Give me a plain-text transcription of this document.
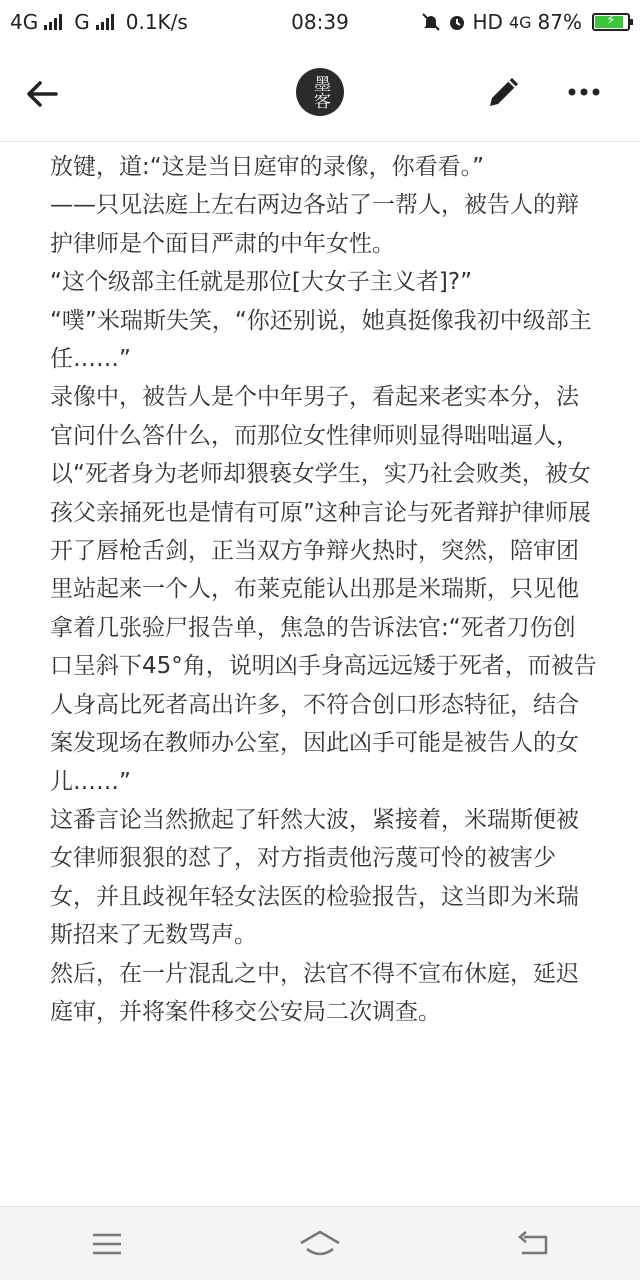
4G G 0.1K/s	08:39	HD 4G 87%	⚡
墨客

放键，道:“这是当日庭审的录像，你看看。”

——只见法庭上左右两边各站了一帮人，被告人的辩护律师是个面目严肃的中年女性。

“这个级部主任就是那位[大女子主义者]?”

“噗”米瑞斯失笑，“你还别说，她真挺像我初中级部主任……”

录像中，被告人是个中年男子，看起来老实本分，法官问什么答什么，而那位女性律师则显得咄咄逼人，以“死者身为老师却猥亵女学生，实乃社会败类，被女孩父亲捅死也是情有可原”这种言论与死者辩护律师展开了唇枪舌剑，正当双方争辩火热时，突然，陪审团里站起来一个人，布莱克能认出那是米瑞斯，只见他拿着几张验尸报告单，焦急的告诉法官:“死者刀伤创口呈斜下45°角，说明凶手身高远远矮于死者，而被告人身高比死者高出许多，不符合创口形态特征，结合案发现场在教师办公室，因此凶手可能是被告人的女儿……”

这番言论当然掀起了轩然大波，紧接着，米瑞斯便被女律师狠狠的怼了，对方指责他污蔑可怜的被害少女，并且歧视年轻女法医的检验报告，这当即为米瑞斯招来了无数骂声。

然后，在一片混乱之中，法官不得不宣布休庭，延迟庭审，并将案件移交公安局二次调查。
